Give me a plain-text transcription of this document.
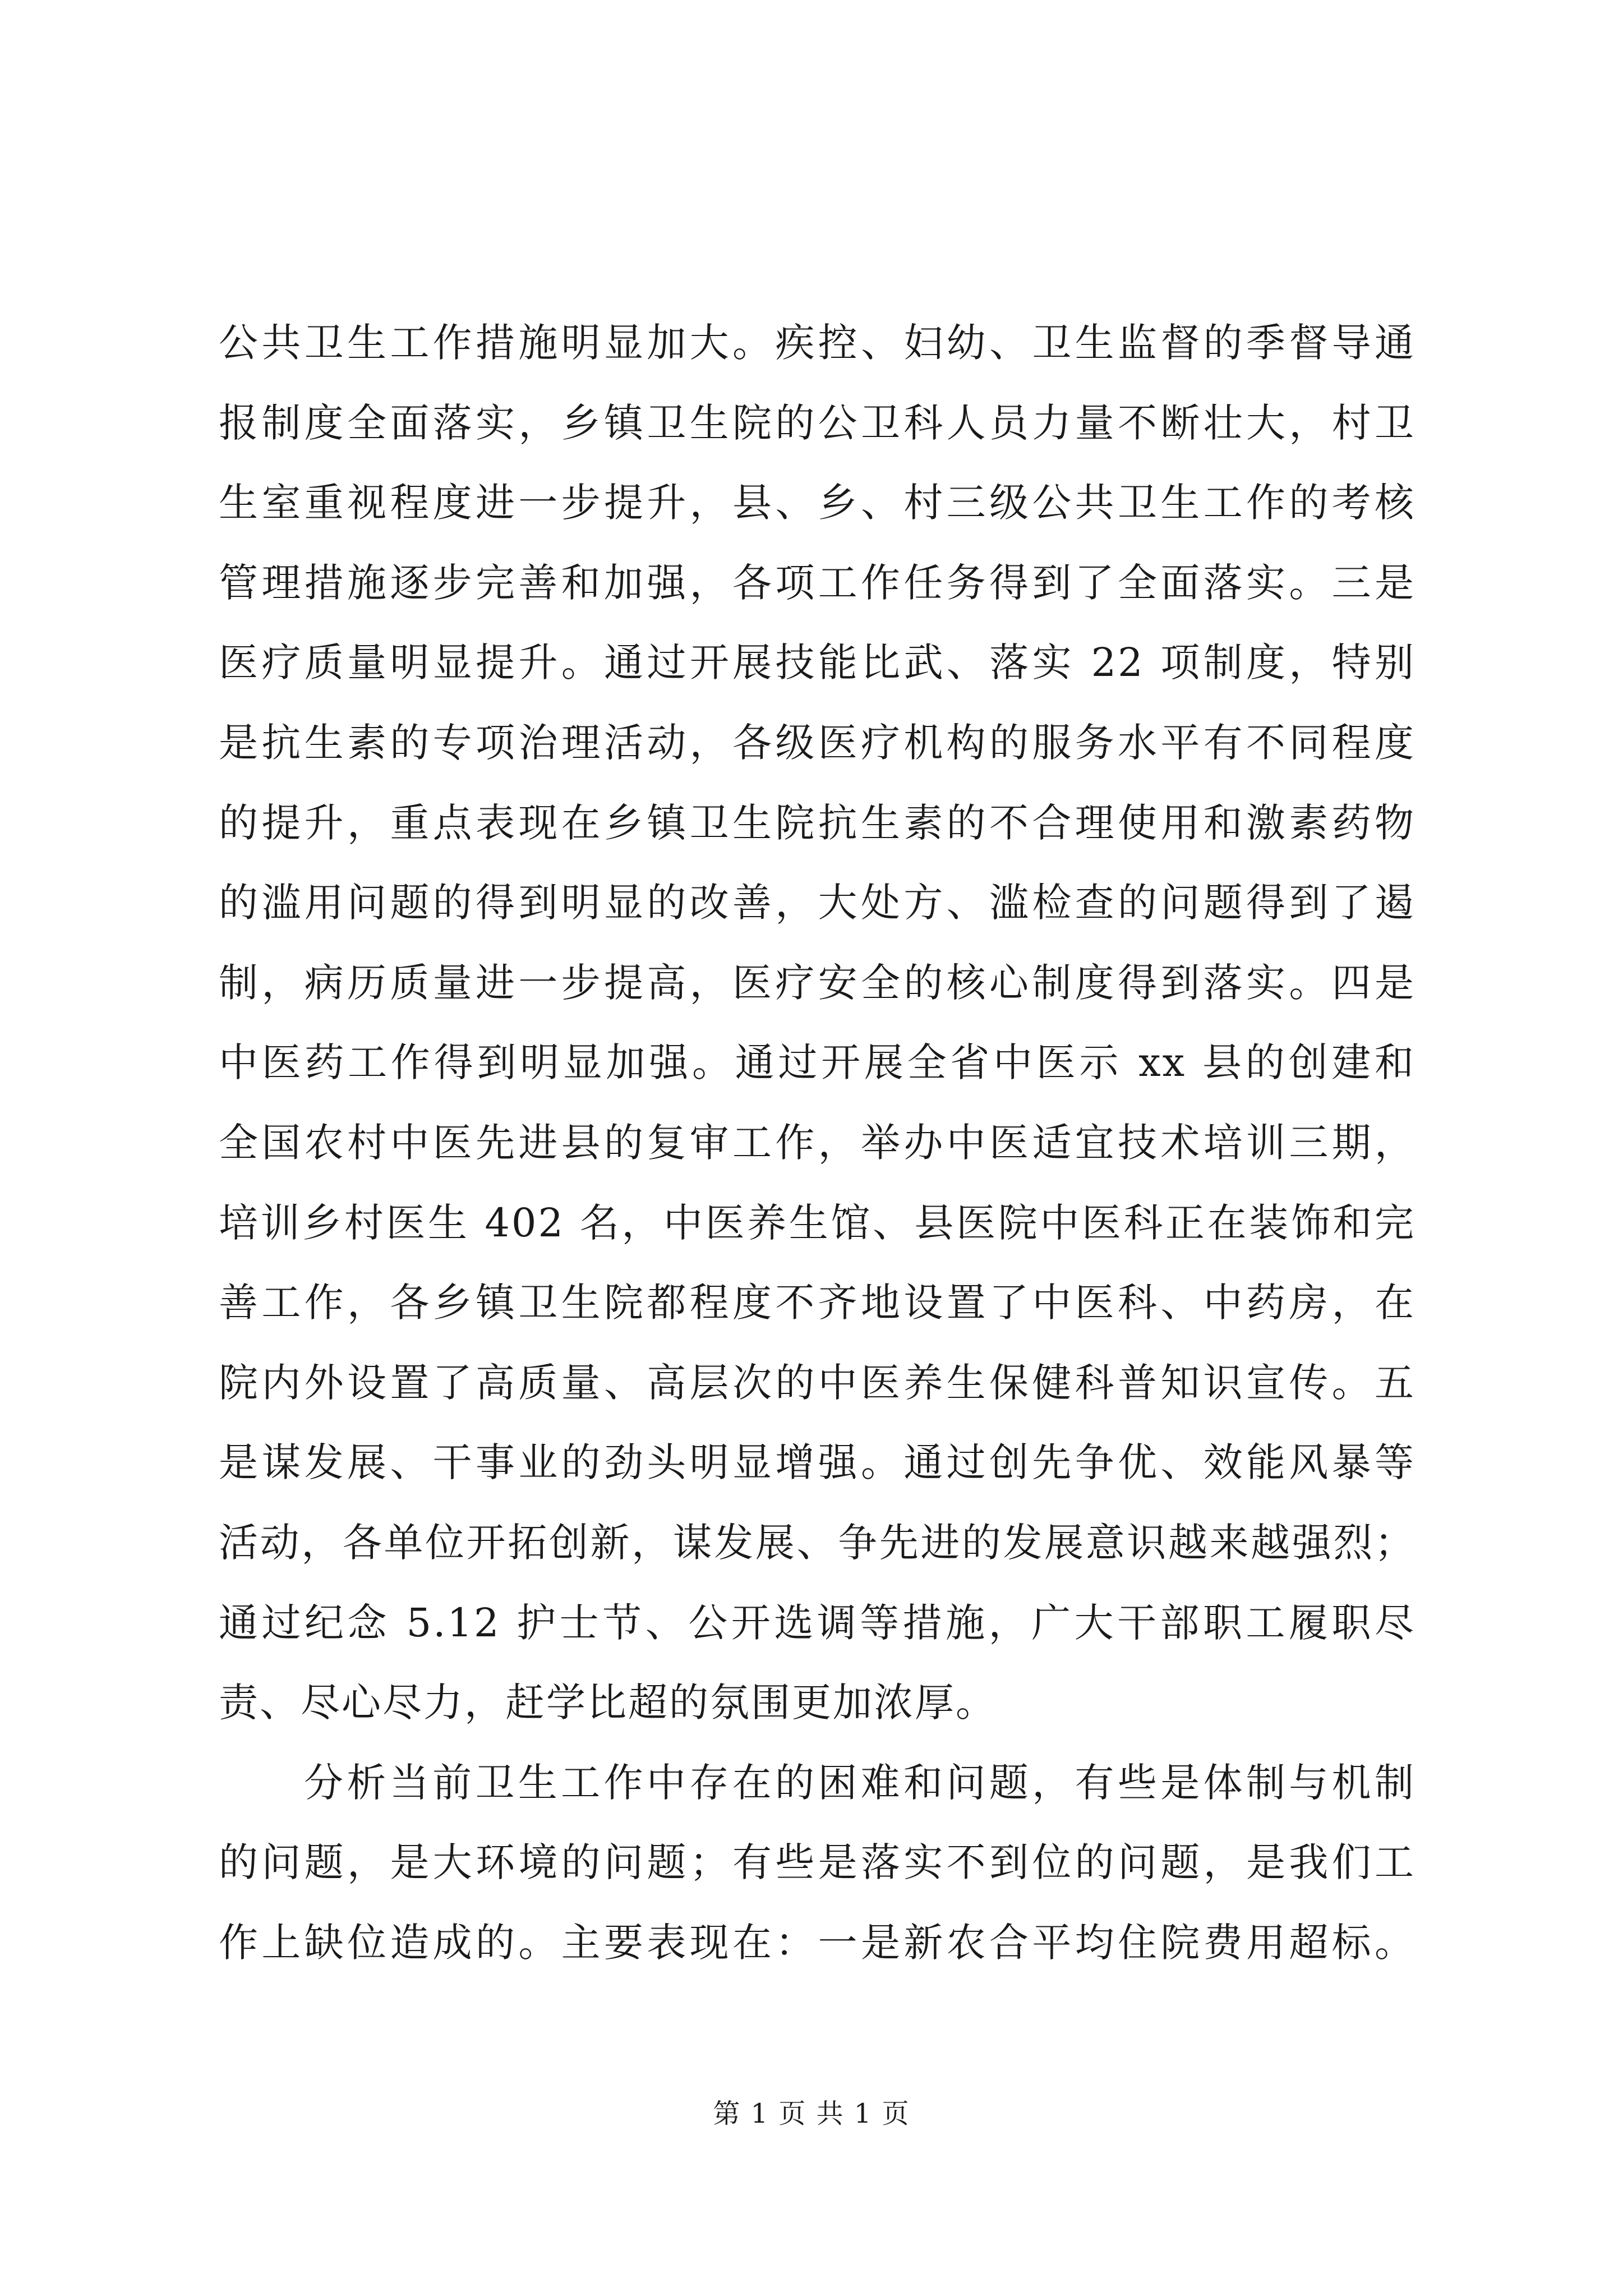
公共卫生工作措施明显加大。疾控、妇幼、卫生监督的季督导通
报制度全面落实，乡镇卫生院的公卫科人员力量不断壮大，村卫
生室重视程度进一步提升，县、乡、村三级公共卫生工作的考核
管理措施逐步完善和加强，各项工作任务得到了全面落实。三是
医疗质量明显提升。通过开展技能比武、落实 22 项制度，特别
是抗生素的专项治理活动，各级医疗机构的服务水平有不同程度
的提升，重点表现在乡镇卫生院抗生素的不合理使用和激素药物
的滥用问题的得到明显的改善，大处方、滥检查的问题得到了遏
制，病历质量进一步提高，医疗安全的核心制度得到落实。四是
中医药工作得到明显加强。通过开展全省中医示 xx 县的创建和
全国农村中医先进县的复审工作，举办中医适宜技术培训三期，
培训乡村医生 402 名，中医养生馆、县医院中医科正在装饰和完
善工作，各乡镇卫生院都程度不齐地设置了中医科、中药房，在
院内外设置了高质量、高层次的中医养生保健科普知识宣传。五
是谋发展、干事业的劲头明显增强。通过创先争优、效能风暴等
活动，各单位开拓创新，谋发展、争先进的发展意识越来越强烈；
通过纪念 5.12 护士节、公开选调等措施，广大干部职工履职尽
责、尽心尽力，赶学比超的氛围更加浓厚。
分析当前卫生工作中存在的困难和问题，有些是体制与机制
的问题，是大环境的问题；有些是落实不到位的问题，是我们工
作上缺位造成的。主要表现在：一是新农合平均住院费用超标。
第 1 页 共 1 页
